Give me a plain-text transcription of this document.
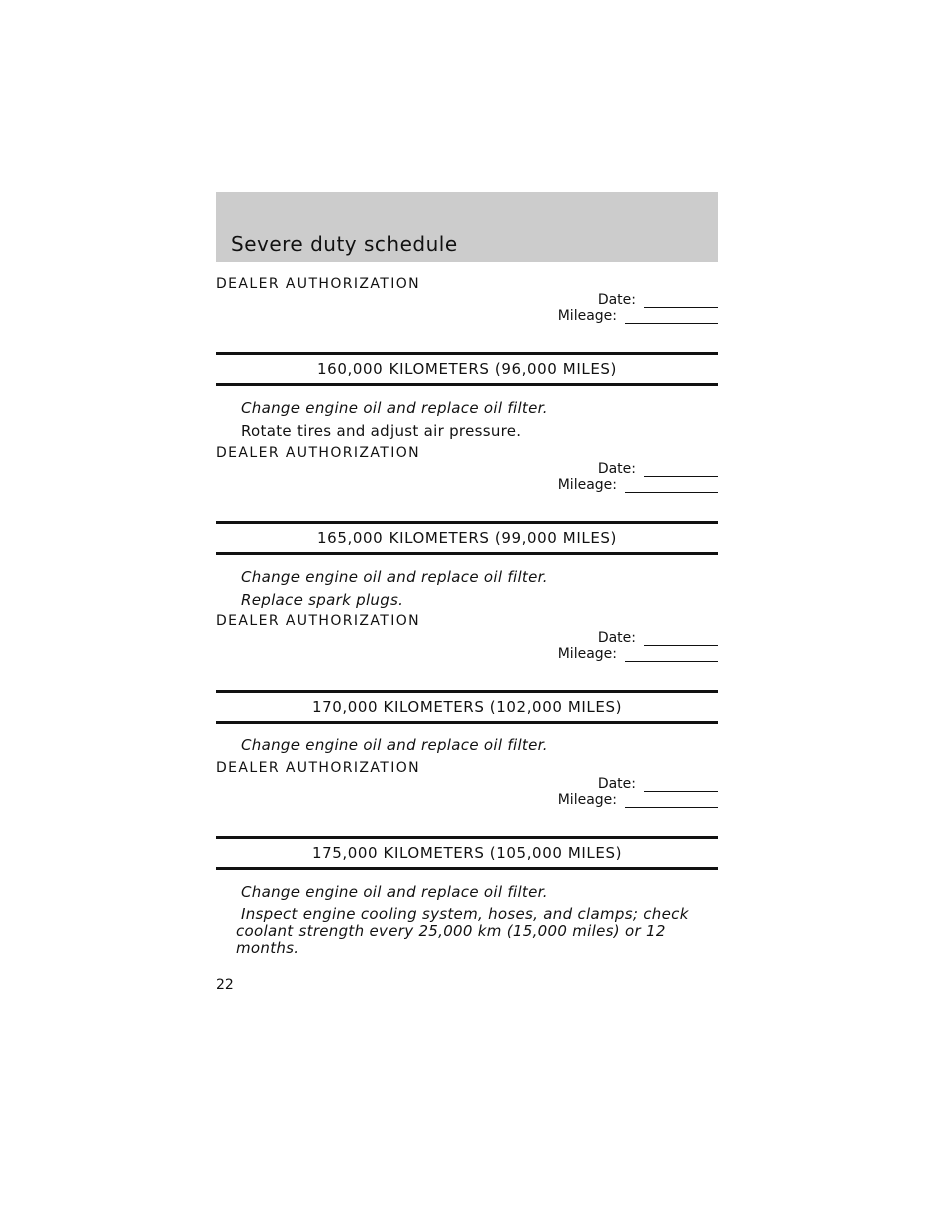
Severe duty schedule
DEALER AUTHORIZATION
Date:
Mileage:
160,000 KILOMETERS (96,000 MILES)
Change engine oil and replace oil filter.
Rotate tires and adjust air pressure.
DEALER AUTHORIZATION
Date:
Mileage:
165,000 KILOMETERS (99,000 MILES)
Change engine oil and replace oil filter.
Replace spark plugs.
DEALER AUTHORIZATION
Date:
Mileage:
170,000 KILOMETERS (102,000 MILES)
Change engine oil and replace oil filter.
DEALER AUTHORIZATION
Date:
Mileage:
175,000 KILOMETERS (105,000 MILES)
Change engine oil and replace oil filter.
Inspect engine cooling system, hoses, and clamps; check coolant strength every 25,000 km (15,000 miles) or 12 months.
22
